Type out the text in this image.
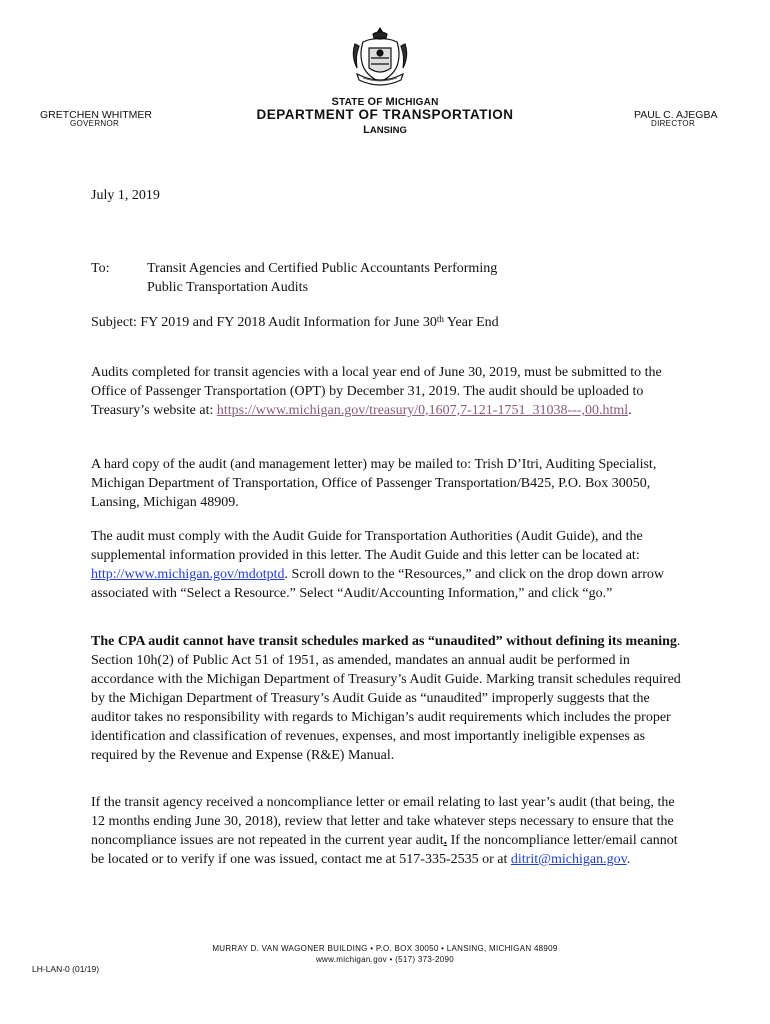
STATE OF MICHIGAN
DEPARTMENT OF TRANSPORTATION
LANSING
GRETCHEN WHITMER
GOVERNOR
PAUL C. AJEGBA
DIRECTOR
July 1, 2019
To:	Transit Agencies and Certified Public Accountants Performing
Public Transportation Audits
Subject: FY 2019 and FY 2018 Audit Information for June 30th Year End
Audits completed for transit agencies with a local year end of June 30, 2019, must be submitted to the Office of Passenger Transportation (OPT) by December 31, 2019. The audit should be uploaded to Treasury’s website at: https://www.michigan.gov/treasury/0,1607,7-121-1751_31038---,00.html.
A hard copy of the audit (and management letter) may be mailed to: Trish D’Itri, Auditing Specialist, Michigan Department of Transportation, Office of Passenger Transportation/B425, P.O. Box 30050, Lansing, Michigan 48909.
The audit must comply with the Audit Guide for Transportation Authorities (Audit Guide), and the supplemental information provided in this letter. The Audit Guide and this letter can be located at: http://www.michigan.gov/mdotptd. Scroll down to the “Resources,” and click on the drop down arrow associated with “Select a Resource.” Select “Audit/Accounting Information,” and click “go.”
The CPA audit cannot have transit schedules marked as “unaudited” without defining its meaning. Section 10h(2) of Public Act 51 of 1951, as amended, mandates an annual audit be performed in accordance with the Michigan Department of Treasury’s Audit Guide. Marking transit schedules required by the Michigan Department of Treasury’s Audit Guide as “unaudited” improperly suggests that the auditor takes no responsibility with regards to Michigan’s audit requirements which includes the proper identification and classification of revenues, expenses, and most importantly ineligible expenses as required by the Revenue and Expense (R&E) Manual.
If the transit agency received a noncompliance letter or email relating to last year’s audit (that being, the 12 months ending June 30, 2018), review that letter and take whatever steps necessary to ensure that the noncompliance issues are not repeated in the current year audit. If the noncompliance letter/email cannot be located or to verify if one was issued, contact me at 517-335-2535 or at ditrit@michigan.gov.
MURRAY D. VAN WAGONER BUILDING • P.O. BOX 30050 • LANSING, MICHIGAN 48909
www.michigan.gov • (517) 373-2090
LH-LAN-0 (01/19)
